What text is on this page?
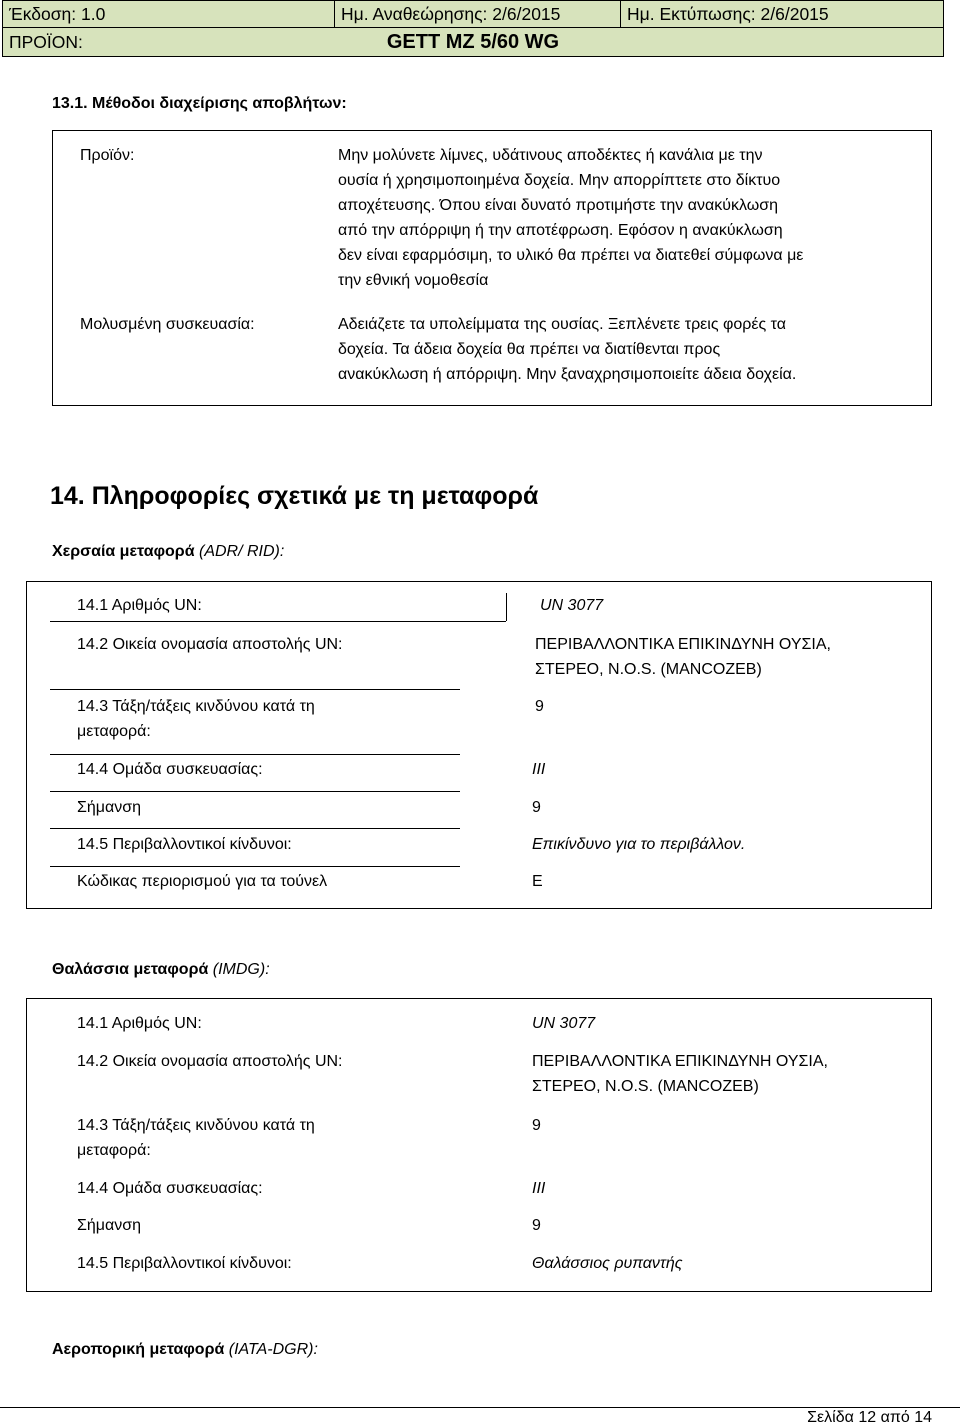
Έκδοση: 1.0	Ημ. Αναθεώρησης: 2/6/2015	Ημ. Εκτύπωσης: 2/6/2015
ΠΡΟΪΟΝ:	GETT MZ 5/60 WG
13.1. Μέθοδοι διαχείρισης αποβλήτων:
Προϊόν:	Μην μολύνετε λίμνες, υδάτινους αποδέκτες ή κανάλια με την
ουσία ή χρησιμοποιημένα δοχεία. Μην απορρίπτετε στο δίκτυο
αποχέτευσης. Όπου είναι δυνατό προτιμήστε την ανακύκλωση
από την απόρριψη ή την αποτέφρωση. Εφόσον η ανακύκλωση
δεν είναι εφαρμόσιμη, το υλικό θα πρέπει να διατεθεί σύμφωνα με
την εθνική νομοθεσία
Μολυσμένη συσκευασία:	Αδειάζετε τα υπολείμματα της ουσίας. Ξεπλένετε τρεις φορές τα
δοχεία. Τα άδεια δοχεία θα πρέπει να διατίθενται προς
ανακύκλωση ή απόρριψη. Μην ξαναχρησιμοποιείτε άδεια δοχεία.
14. Πληροφορίες σχετικά με τη μεταφορά
Χερσαία μεταφορά (ADR/ RID):
14.1 Αριθμός UN:	UN 3077
14.2 Οικεία ονομασία αποστολής UN:	ΠΕΡΙΒΑΛΛΟΝΤΙΚΑ ΕΠΙΚΙΝΔΥΝΗ ΟΥΣΙΑ,
ΣΤΕΡΕΟ, N.O.S. (MANCOZEB)
14.3 Τάξη/τάξεις κινδύνου κατά τη
μεταφορά:
9
14.4 Ομάδα συσκευασίας:	III
Σήμανση	9
14.5 Περιβαλλοντικοί κίνδυνοι:	Επικίνδυνο για το περιβάλλον.
Κώδικας περιορισμού για τα τούνελ	E
Θαλάσσια μεταφορά (IMDG):
14.1 Αριθμός UN:	UN 3077
14.2 Οικεία ονομασία αποστολής UN:	ΠΕΡΙΒΑΛΛΟΝΤΙΚΑ ΕΠΙΚΙΝΔΥΝΗ ΟΥΣΙΑ,
ΣΤΕΡΕΟ, N.O.S. (MANCOZEB)
14.3 Τάξη/τάξεις κινδύνου κατά τη
μεταφορά:
9
14.4 Ομάδα συσκευασίας:	III
Σήμανση	9
14.5 Περιβαλλοντικοί κίνδυνοι:	Θαλάσσιος ρυπαντής
Αεροπορική μεταφορά (IATA-DGR):
Σελίδα 12 από 14
